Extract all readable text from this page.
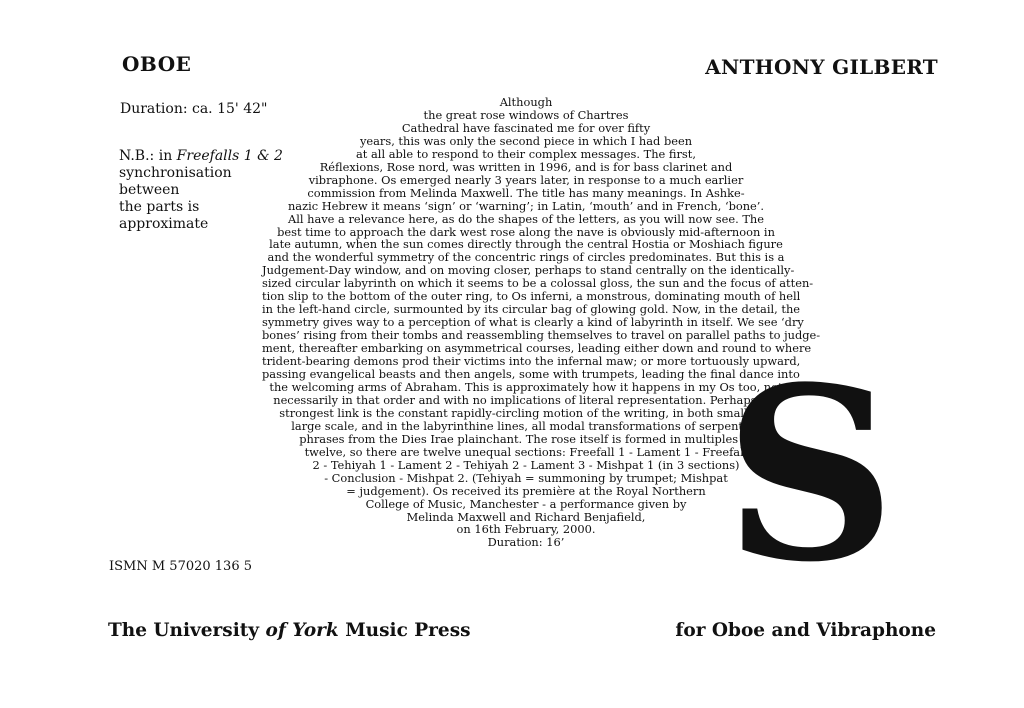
OBOE	ANTHONY GILBERT
Duration: ca. 15' 42"
N.B.: in Freefalls 1 & 2
synchronisation between
the parts is approximate
Although
the great rose windows of Chartres
Cathedral have fascinated me for over fifty
years, this was only the second piece in which I had been
at all able to respond to their complex messages. The first,
Réflexions, Rose nord, was written in 1996, and is for bass clarinet and
vibraphone. Os emerged nearly 3 years later, in response to a much earlier
commission from Melinda Maxwell. The title has many meanings. In Ashke-
nazic Hebrew it means ‘sign’ or ‘warning’; in Latin, ‘mouth’ and in French, ‘bone’.
All have a relevance here, as do the shapes of the letters, as you will now see. The
best time to approach the dark west rose along the nave is obviously mid-afternoon in
late autumn, when the sun comes directly through the central Hostia or Moshiach figure
and the wonderful symmetry of the concentric rings of circles predominates. But this is a
Judgement-Day window, and on moving closer, perhaps to stand centrally on the identically-
sized circular labyrinth on which it seems to be a colossal gloss, the sun and the focus of atten-
tion slip to the bottom of the outer ring, to Os inferni, a monstrous, dominating mouth of hell
in the left-hand circle, surmounted by its circular bag of glowing gold. Now, in the detail, the
symmetry gives way to a perception of what is clearly a kind of labyrinth in itself. We see ‘dry
bones’ rising from their tombs and reassembling themselves to travel on parallel paths to judge-
ment, thereafter embarking on asymmetrical courses, leading either down and round to where
trident-bearing demons prod their victims into the infernal maw; or more tortuously upward,
passing evangelical beasts and then angels, some with trumpets, leading the final dance into
the welcoming arms of Abraham. This is approximately how it happens in my Os too, not
necessarily in that order and with no implications of literal representation. Perhaps the
strongest link is the constant rapidly-circling motion of the writing, in both small and
large scale, and in the labyrinthine lines, all modal transformations of serpentine
phrases from the Dies Irae plainchant. The rose itself is formed in multiples of
twelve, so there are twelve unequal sections: Freefall 1 - Lament 1 - Freefall
2 - Tehiyah 1 - Lament 2 - Tehiyah 2 - Lament 3 - Mishpat 1 (in 3 sections)
- Conclusion - Mishpat 2. (Tehiyah = summoning by trumpet; Mishpat
= judgement). Os received its première at the Royal Northern
College of Music, Manchester - a performance given by
Melinda Maxwell and Richard Benjafield,
on 16th February, 2000.
Duration: 16’ S
ISMN M 57020 136 5
The University of York Music Press	for Oboe and Vibraphone
